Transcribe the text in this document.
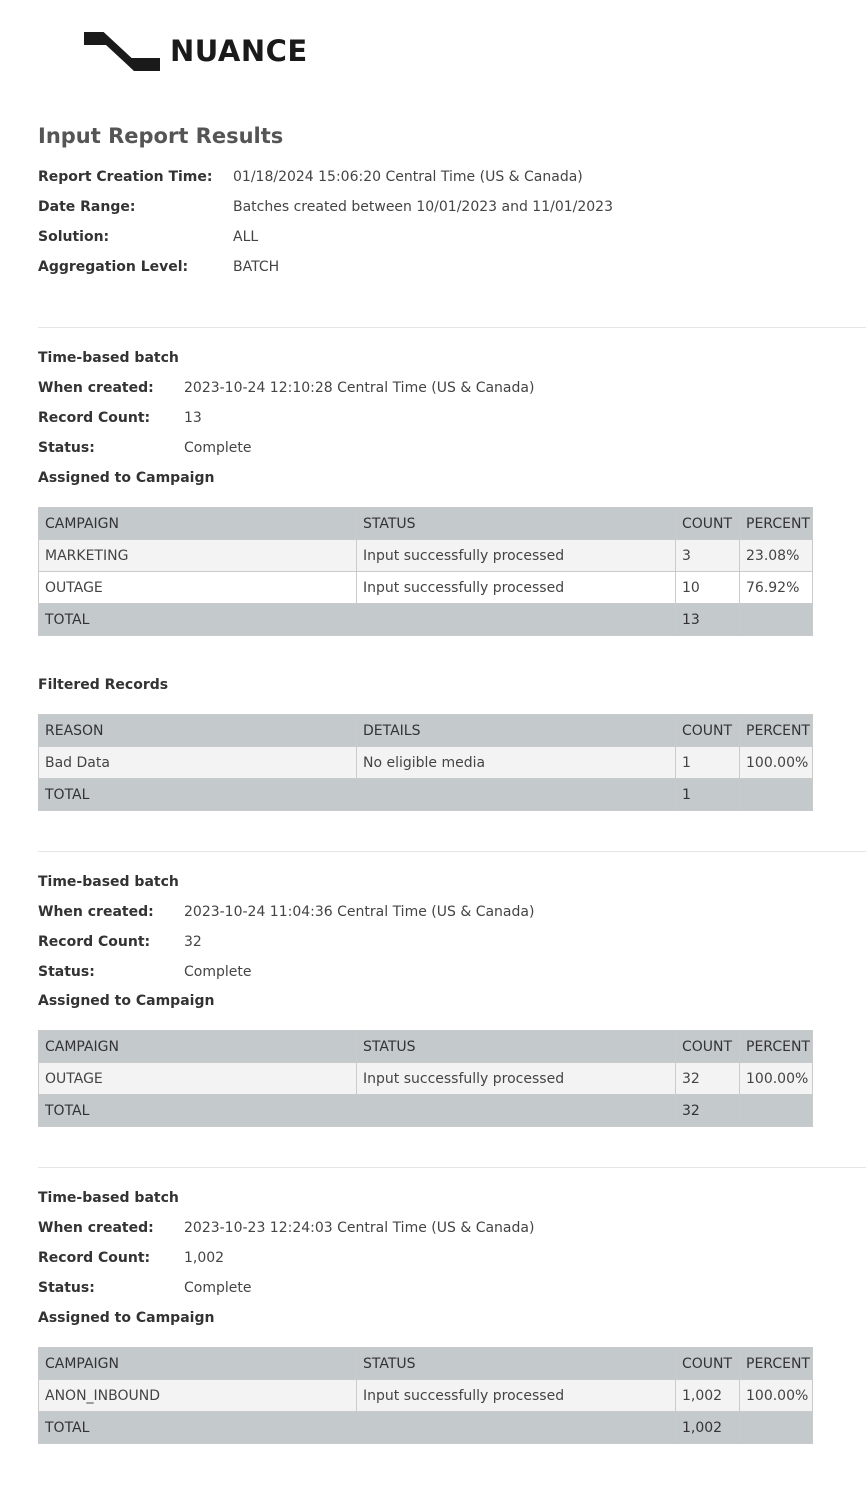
NUANCE
Input Report Results
Report Creation Time: 01/18/2024 15:06:20 Central Time (US & Canada)
Date Range:	Batches created between 10/01/2023 and 11/01/2023
Solution:	ALL
Aggregation Level:	BATCH
Time-based batch
When created: 2023-10-24 12:10:28 Central Time (US & Canada)
Record Count: 13
Status:	Complete
Assigned to Campaign
CAMPAIGN	STATUS	COUNT	PERCENT
MARKETING	Input successfully processed	3	23.08%
OUTAGE	Input successfully processed	10	76.92%
TOTAL		13	
Filtered Records
REASON	DETAILS	COUNT	PERCENT
Bad Data	No eligible media	1	100.00%
TOTAL		1	
Time-based batch
When created: 2023-10-24 11:04:36 Central Time (US & Canada)
Record Count: 32
Status:	Complete
Assigned to Campaign
CAMPAIGN	STATUS	COUNT	PERCENT
OUTAGE	Input successfully processed	32	100.00%
TOTAL		32	
Time-based batch
When created: 2023-10-23 12:24:03 Central Time (US & Canada)
Record Count: 1,002
Status:	Complete
Assigned to Campaign
CAMPAIGN	STATUS	COUNT	PERCENT
ANON_INBOUND	Input successfully processed	1,002	100.00%
TOTAL		1,002	
